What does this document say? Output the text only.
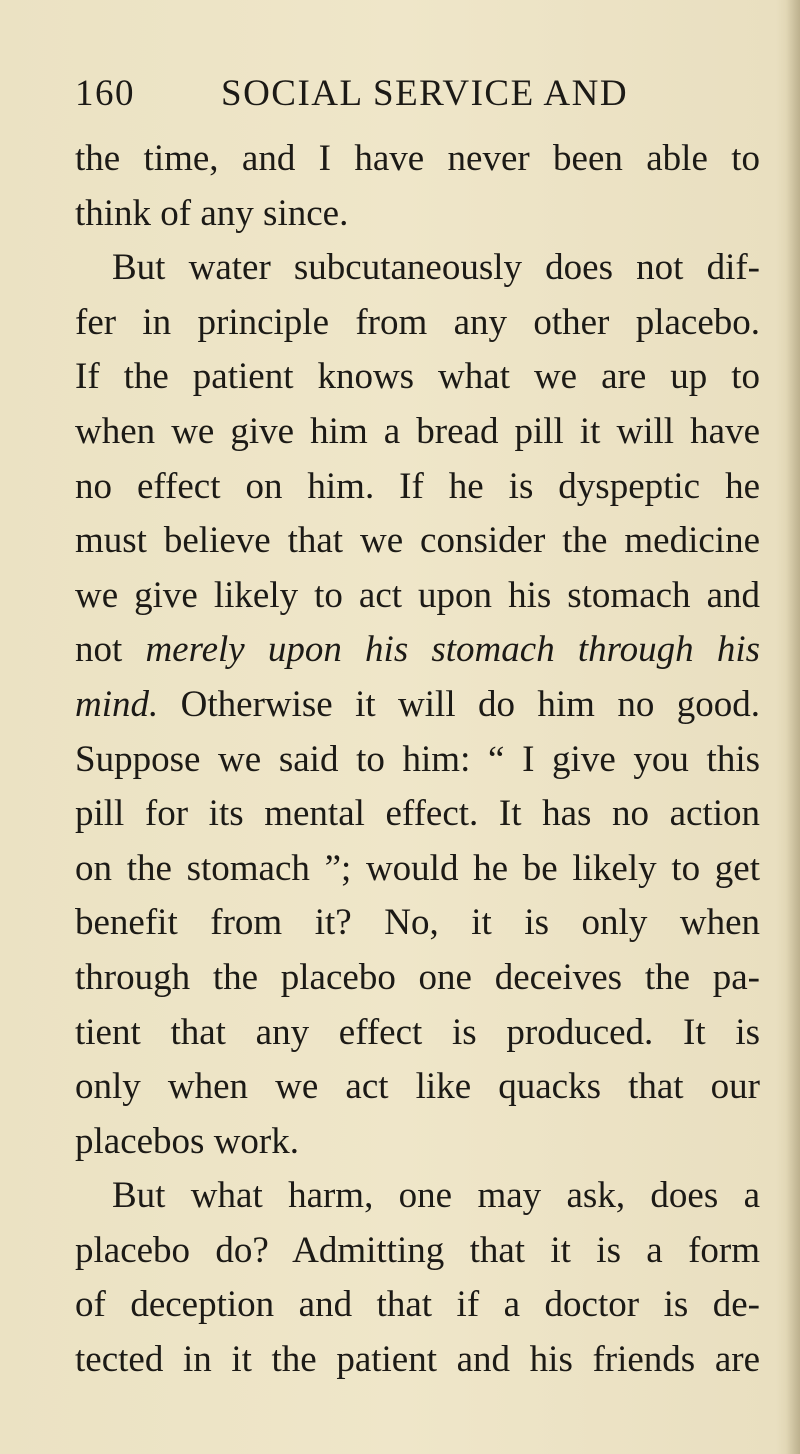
160 SOCIAL SERVICE AND
the time, and I have never been able to
think of any since.
But water subcutaneously does not dif-
fer in principle from any other placebo.
If the patient knows what we are up to
when we give him a bread pill it will have
no effect on him. If he is dyspeptic he
must believe that we consider the medicine
we give likely to act upon his stomach and
not merely upon his stomach through his
mind. Otherwise it will do him no good.
Suppose we said to him: “ I give you this
pill for its mental effect. It has no action
on the stomach ”; would he be likely to get
benefit from it? No, it is only when
through the placebo one deceives the pa-
tient that any effect is produced. It is
only when we act like quacks that our
placebos work.
But what harm, one may ask, does a
placebo do? Admitting that it is a form
of deception and that if a doctor is de-
tected in it the patient and his friends are
